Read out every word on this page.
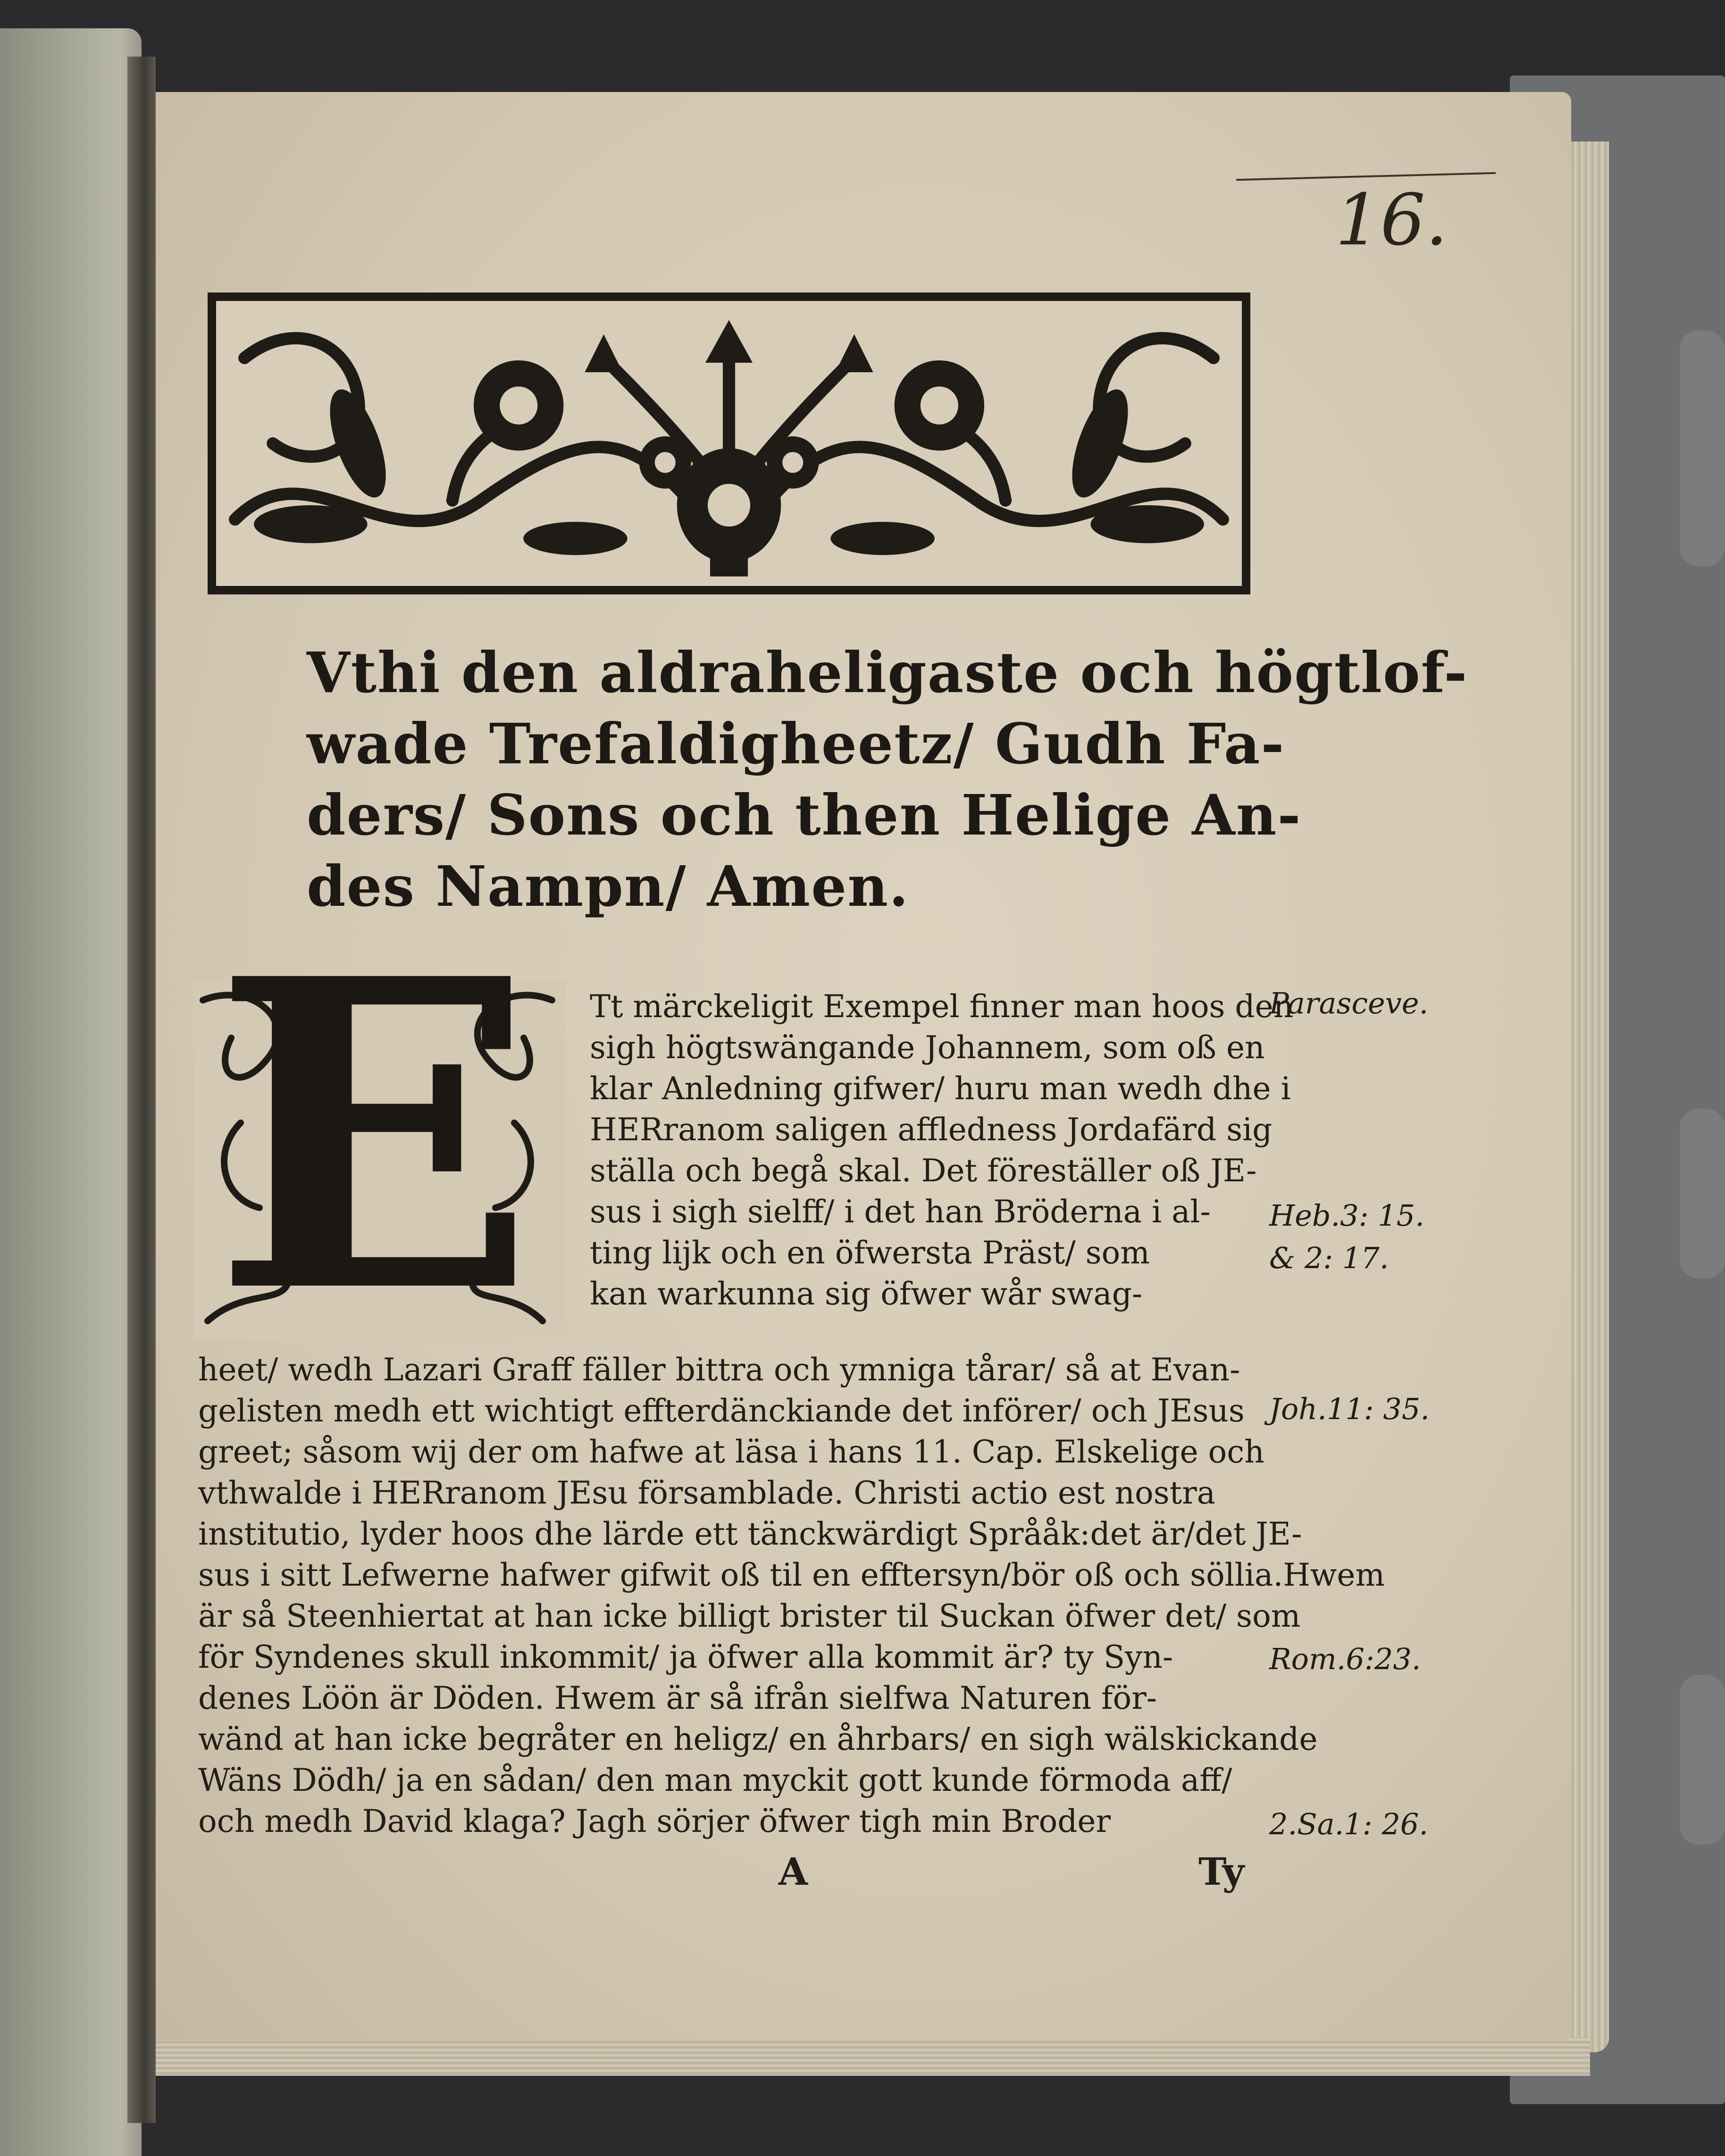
16.
Vthi den aldraheligaste och högtlof-
wade Trefaldigheetz/ Gudh Fa-
ders/ Sons och then Helige An-
des Nampn/ Amen.
E Tt märckeligit Exempel finner man hoos den
sigh högtswängande Johannem, som oß en
klar Anledning gifwer/ huru man wedh dhe i
HERranom saligen affledness Jordafärd sig
ställa och begå skal. Det föreställer oß JE-
sus i sigh sielff/ i det han Bröderna i al-
ting lijk och en öfwersta Präst/ som
kan warkunna sig öfwer wår swag-
heet/ wedh Lazari Graff fäller bittra och ymniga tårar/ så at Evan-
gelisten medh ett wichtigt effterdänckiande det införer/ och JEsus
greet; såsom wij der om hafwe at läsa i hans 11. Cap. Elskelige och
vthwalde i HERranom JEsu församblade. Christi actio est nostra
institutio, lyder hoos dhe lärde ett tänckwärdigt Språåk:det är/det JE-
sus i sitt Lefwerne hafwer gifwit oß til en efftersyn/bör oß och söllia.Hwem
är så Steenhiertat at han icke billigt brister til Suckan öfwer det/ som
för Syndenes skull inkommit/ ja öfwer alla kommit är? ty Syn-
denes Löön är Döden. Hwem är så ifrån sielfwa Naturen för-
wänd at han icke begråter en heligz/ en åhrbars/ en sigh wälskickande
Wäns Dödh/ ja en sådan/ den man myckit gott kunde förmoda aff/
och medh David klaga? Jagh sörjer öfwer tigh min Broder
Parasceve.
Heb.3: 15.
& 2: 17.
Joh.11: 35.
Rom.6:23.
2.Sa.1: 26.
A	Ty
